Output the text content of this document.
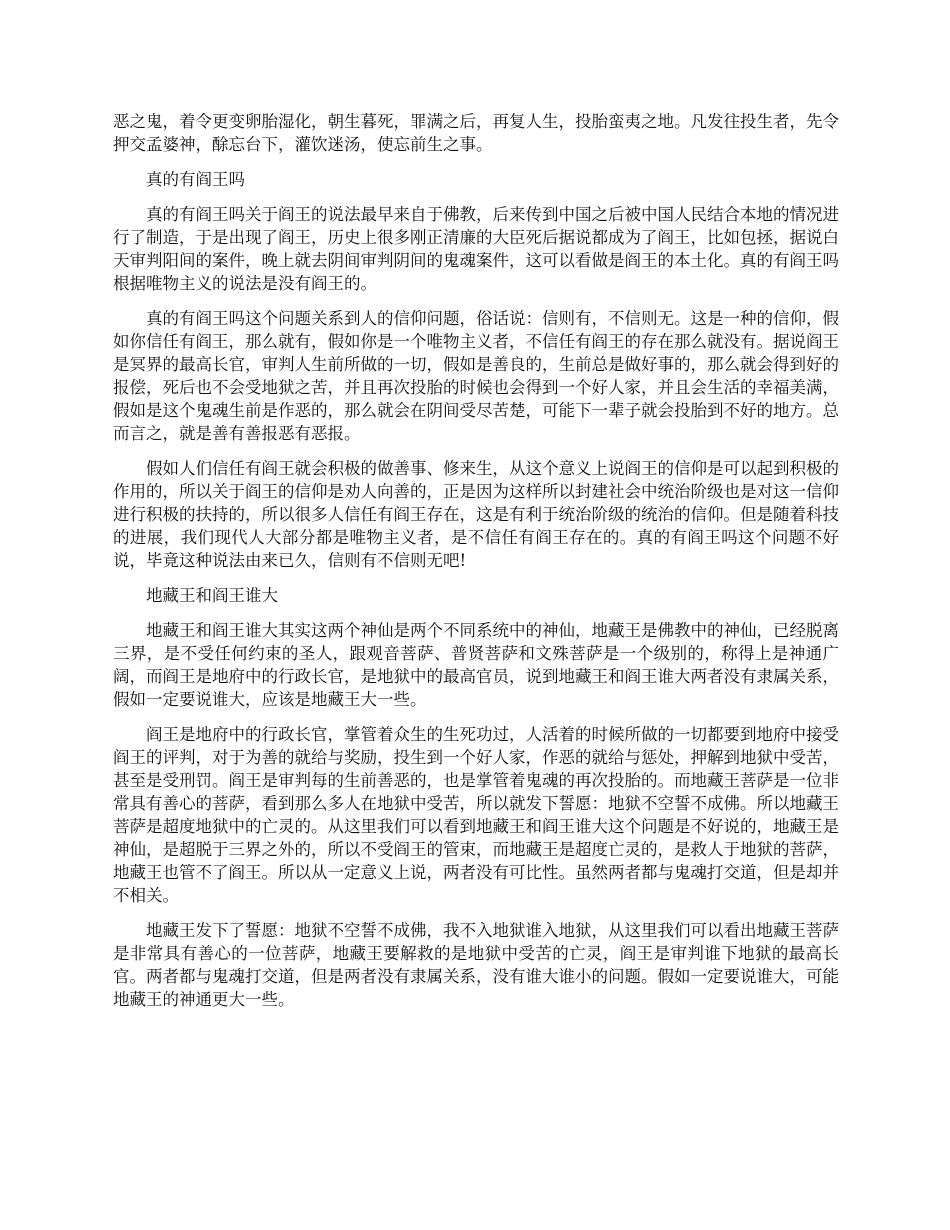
恶之鬼，着令更变卵胎湿化，朝生暮死，罪满之后，再复人生，投胎蛮夷之地。凡发往投生者，先令押交孟婆神，酴忘台下，灌饮迷汤，使忘前生之事。

真的有阎王吗

真的有阎王吗关于阎王的说法最早来自于佛教，后来传到中国之后被中国人民结合本地的情况进行了制造，于是出现了阎王，历史上很多刚正清廉的大臣死后据说都成为了阎王，比如包拯，据说白天审判阳间的案件，晚上就去阴间审判阴间的鬼魂案件，这可以看做是阎王的本土化。真的有阎王吗根据唯物主义的说法是没有阎王的。

真的有阎王吗这个问题关系到人的信仰问题，俗话说：信则有，不信则无。这是一种的信仰，假如你信任有阎王，那么就有，假如你是一个唯物主义者，不信任有阎王的存在那么就没有。据说阎王是冥界的最高长官，审判人生前所做的一切，假如是善良的，生前总是做好事的，那么就会得到好的报偿，死后也不会受地狱之苦，并且再次投胎的时候也会得到一个好人家，并且会生活的幸福美满，假如是这个鬼魂生前是作恶的，那么就会在阴间受尽苦楚，可能下一辈子就会投胎到不好的地方。总而言之，就是善有善报恶有恶报。

假如人们信任有阎王就会积极的做善事、修来生，从这个意义上说阎王的信仰是可以起到积极的作用的，所以关于阎王的信仰是劝人向善的，正是因为这样所以封建社会中统治阶级也是对这一信仰进行积极的扶持的，所以很多人信任有阎王存在，这是有利于统治阶级的统治的信仰。但是随着科技的进展，我们现代人大部分都是唯物主义者，是不信任有阎王存在的。真的有阎王吗这个问题不好说，毕竟这种说法由来已久，信则有不信则无吧!

地藏王和阎王谁大

地藏王和阎王谁大其实这两个神仙是两个不同系统中的神仙，地藏王是佛教中的神仙，已经脱离三界，是不受任何约束的圣人，跟观音菩萨、普贤菩萨和文殊菩萨是一个级别的，称得上是神通广阔，而阎王是地府中的行政长官，是地狱中的最高官员，说到地藏王和阎王谁大两者没有隶属关系，假如一定要说谁大，应该是地藏王大一些。

阎王是地府中的行政长官，掌管着众生的生死功过，人活着的时候所做的一切都要到地府中接受阎王的评判，对于为善的就给与奖励，投生到一个好人家，作恶的就给与惩处，押解到地狱中受苦，甚至是受刑罚。阎王是审判每的生前善恶的，也是掌管着鬼魂的再次投胎的。而地藏王菩萨是一位非常具有善心的菩萨，看到那么多人在地狱中受苦，所以就发下誓愿：地狱不空誓不成佛。所以地藏王菩萨是超度地狱中的亡灵的。从这里我们可以看到地藏王和阎王谁大这个问题是不好说的，地藏王是神仙，是超脱于三界之外的，所以不受阎王的管束，而地藏王是超度亡灵的，是救人于地狱的菩萨，地藏王也管不了阎王。所以从一定意义上说，两者没有可比性。虽然两者都与鬼魂打交道，但是却并不相关。

地藏王发下了誓愿：地狱不空誓不成佛，我不入地狱谁入地狱，从这里我们可以看出地藏王菩萨是非常具有善心的一位菩萨，地藏王要解救的是地狱中受苦的亡灵，阎王是审判谁下地狱的最高长官。两者都与鬼魂打交道，但是两者没有隶属关系，没有谁大谁小的问题。假如一定要说谁大，可能地藏王的神通更大一些。
